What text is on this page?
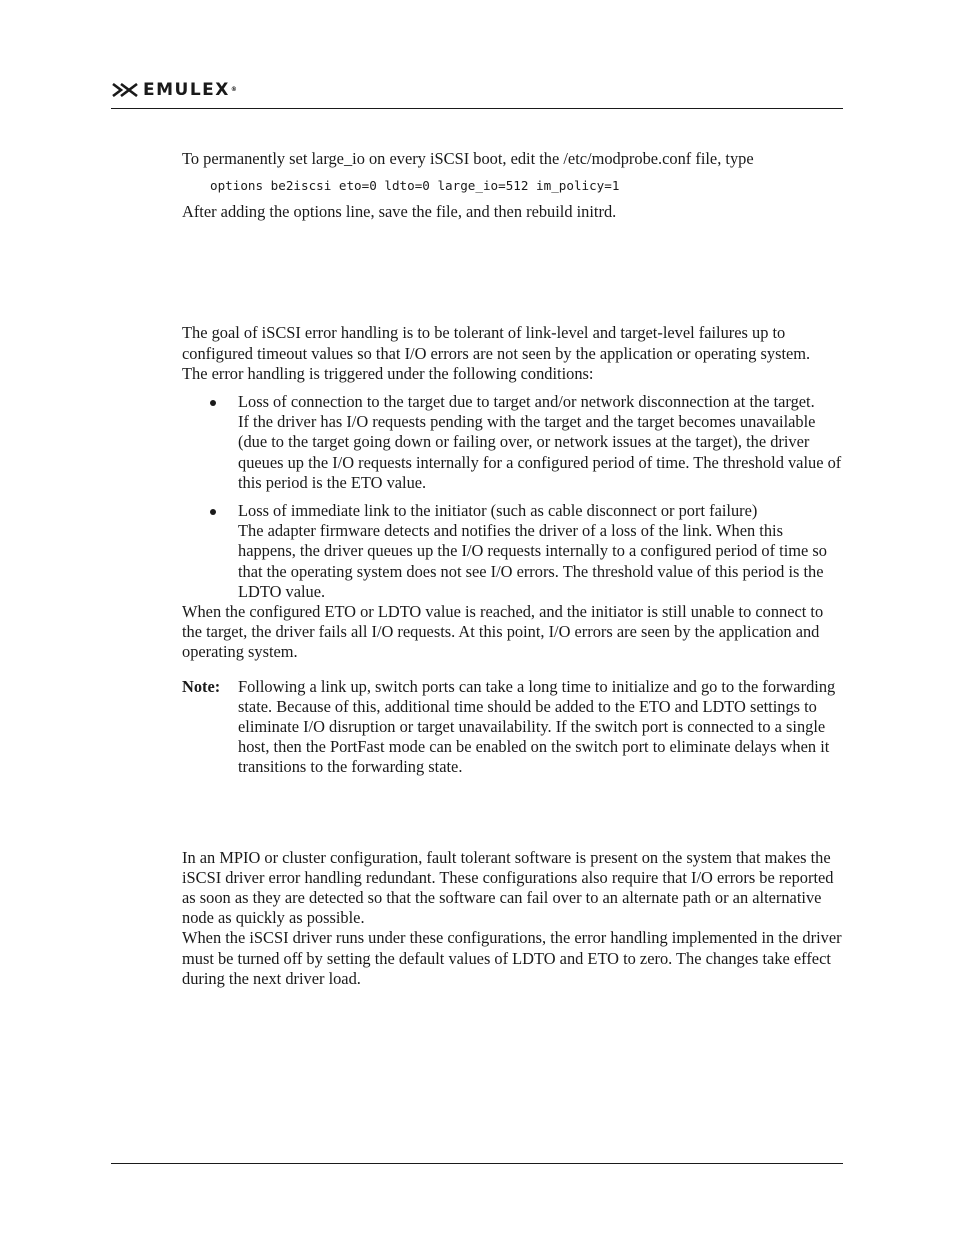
EMULEX®

To permanently set large_io on every iSCSI boot, edit the /etc/modprobe.conf file, type

options be2iscsi eto=0 ldto=0 large_io=512 im_policy=1

After adding the options line, save the file, and then rebuild initrd.

The goal of iSCSI error handling is to be tolerant of link-level and target-level failures up to configured timeout values so that I/O errors are not seen by the application or operating system.

The error handling is triggered under the following conditions:

Loss of connection to the target due to target and/or network disconnection at the target.

If the driver has I/O requests pending with the target and the target becomes unavailable (due to the target going down or failing over, or network issues at the target), the driver queues up the I/O requests internally for a configured period of time. The threshold value of this period is the ETO value.

Loss of immediate link to the initiator (such as cable disconnect or port failure)

The adapter firmware detects and notifies the driver of a loss of the link. When this happens, the driver queues up the I/O requests internally to a configured period of time so that the operating system does not see I/O errors. The threshold value of this period is the LDTO value.

When the configured ETO or LDTO value is reached, and the initiator is still unable to connect to the target, the driver fails all I/O requests. At this point, I/O errors are seen by the application and operating system.

Note:	Following a link up, switch ports can take a long time to initialize and go to the forwarding state. Because of this, additional time should be added to the ETO and LDTO settings to eliminate I/O disruption or target unavailability. If the switch port is connected to a single host, then the PortFast mode can be enabled on the switch port to eliminate delays when it transitions to the forwarding state.

In an MPIO or cluster configuration, fault tolerant software is present on the system that makes the iSCSI driver error handling redundant. These configurations also require that I/O errors be reported as soon as they are detected so that the software can fail over to an alternate path or an alternative node as quickly as possible.

When the iSCSI driver runs under these configurations, the error handling implemented in the driver must be turned off by setting the default values of LDTO and ETO to zero. The changes take effect during the next driver load.
